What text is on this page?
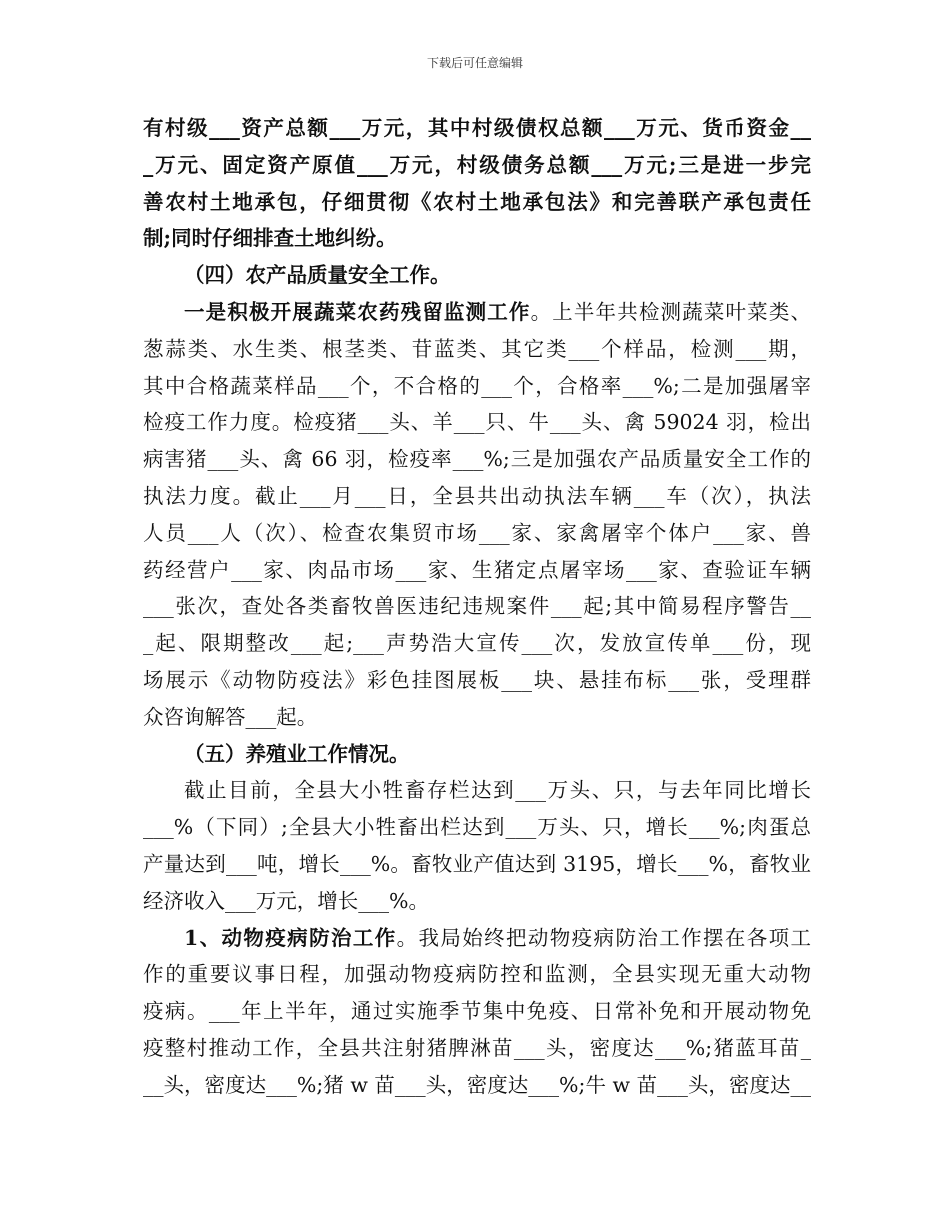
下载后可任意编辑
有村级___资产总额___万元，其中村级债权总额___万元、货币资金__
_万元、固定资产原值___万元，村级债务总额___万元;三是进一步完
善农村土地承包，仔细贯彻《农村土地承包法》和完善联产承包责任
制;同时仔细排查土地纠纷。
（四）农产品质量安全工作。
一是积极开展蔬菜农药残留监测工作。上半年共检测蔬菜叶菜类、
葱蒜类、水生类、根茎类、苷蓝类、其它类___个样品，检测___期，
其中合格蔬菜样品___个，不合格的___个，合格率___%;二是加强屠宰
检疫工作力度。检疫猪___头、羊___只、牛___头、禽 59024 羽，检出
病害猪___头、禽 66 羽，检疫率___%;三是加强农产品质量安全工作的
执法力度。截止___月___日，全县共出动执法车辆___车（次），执法
人员___人（次）、检查农集贸市场___家、家禽屠宰个体户___家、兽
药经营户___家、肉品市场___家、生猪定点屠宰场___家、查验证车辆
___张次，查处各类畜牧兽医违纪违规案件___起;其中简易程序警告__
_起、限期整改___起;___声势浩大宣传___次，发放宣传单___份，现
场展示《动物防疫法》彩色挂图展板___块、悬挂布标___张，受理群
众咨询解答___起。
（五）养殖业工作情况。
截止目前，全县大小牲畜存栏达到___万头、只，与去年同比增长
___%（下同）;全县大小牲畜出栏达到___万头、只，增长___%;肉蛋总
产量达到___吨，增长___%。畜牧业产值达到 3195，增长___%，畜牧业
经济收入___万元，增长___%。
1、动物疫病防治工作。我局始终把动物疫病防治工作摆在各项工
作的重要议事日程，加强动物疫病防控和监测，全县实现无重大动物
疫病。___年上半年，通过实施季节集中免疫、日常补免和开展动物免
疫整村推动工作，全县共注射猪脾淋苗___头，密度达___%;猪蓝耳苗_
__头，密度达___%;猪 w 苗___头，密度达___%;牛 w 苗___头，密度达__
